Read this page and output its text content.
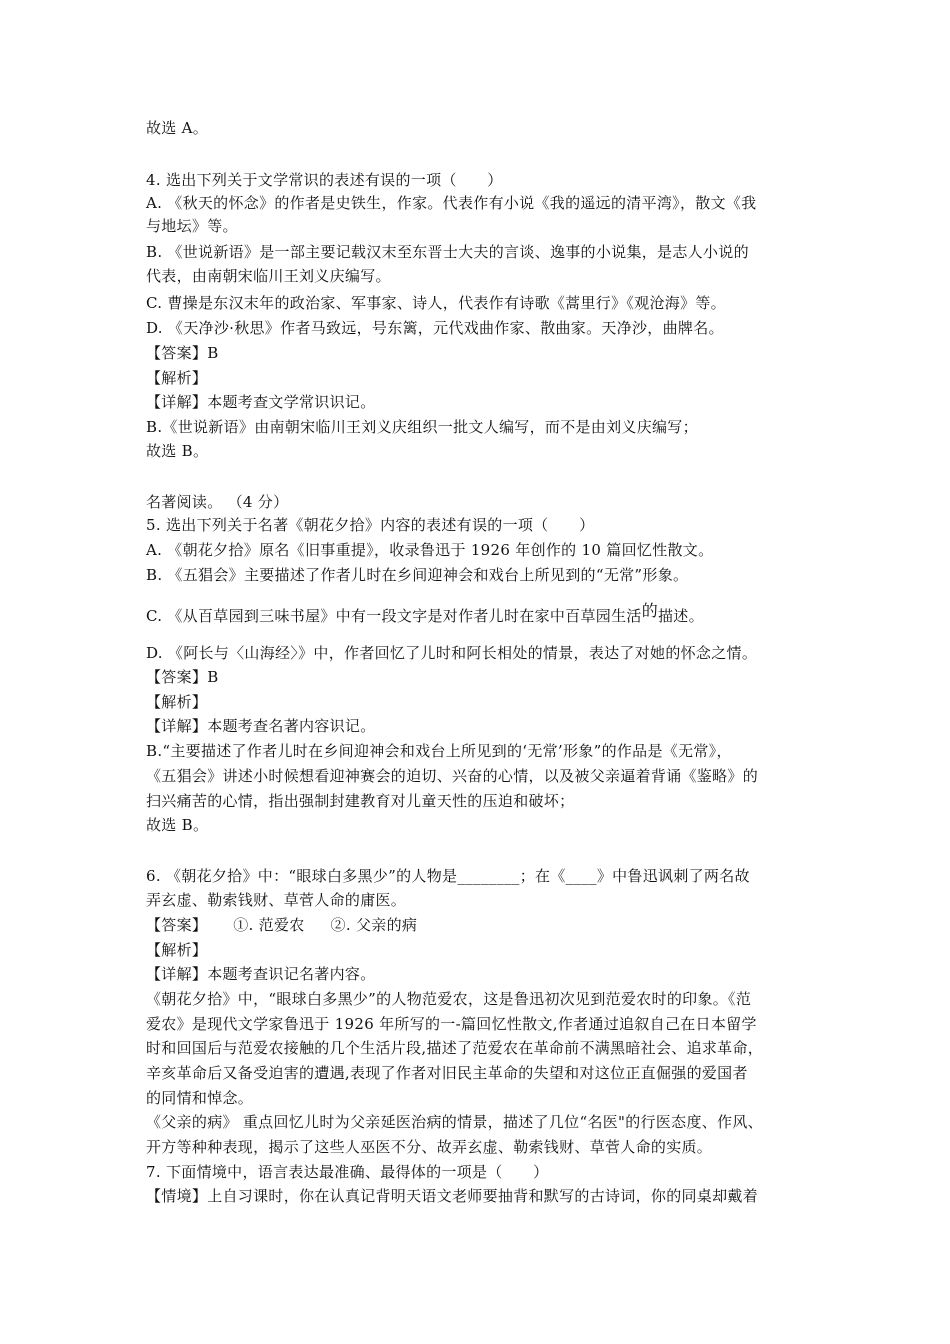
故选 A。
4. 选出下列关于文学常识的表述有误的一项（　　）
A. 《秋天的怀念》的作者是史铁生，作家。代表作有小说《我的遥远的清平湾》，散文《我
与地坛》等。
B. 《世说新语》是一部主要记载汉末至东晋士大夫的言谈、逸事的小说集，是志人小说的
代表，由南朝宋临川王刘义庆编写。
C. 曹操是东汉末年的政治家、军事家、诗人，代表作有诗歌《蒿里行》《观沧海》等。
D. 《天净沙·秋思》作者马致远，号东篱，元代戏曲作家、散曲家。天净沙，曲牌名。
【答案】B
【解析】
【详解】本题考查文学常识识记。
B.《世说新语》由南朝宋临川王刘义庆组织一批文人编写，而不是由刘义庆编写；
故选 B。
名著阅读。 （4 分）
5. 选出下列关于名著《朝花夕拾》内容的表述有误的一项（　　）
A. 《朝花夕拾》原名《旧事重提》，收录鲁迅于 1926 年创作的 10 篇回忆性散文。
B. 《五猖会》主要描述了作者儿时在乡间迎神会和戏台上所见到的“无常”形象。
C. 《从百草园到三味书屋》中有一段文字是对作者儿时在家中百草园生活的描述。
D. 《阿长与〈山海经〉》中，作者回忆了儿时和阿长相处的情景，表达了对她的怀念之情。
【答案】B
【解析】
【详解】本题考查名著内容识记。
B.“主要描述了作者儿时在乡间迎神会和戏台上所见到的‘无常’形象”的作品是《无常》，
《五猖会》讲述小时候想看迎神赛会的迫切、兴奋的心情，以及被父亲逼着背诵《鉴略》的
扫兴痛苦的心情，指出强制封建教育对儿童天性的压迫和破坏；
故选 B。
6. 《朝花夕拾》中：“眼球白多黑少”的人物是________；在《____》中鲁迅讽刺了两名故
弄玄虚、勒索钱财、草菅人命的庸医。
【答案】 ①. 范爱农 ②. 父亲的病
【解析】
【详解】本题考查识记名著内容。
《朝花夕拾》中，“眼球白多黑少”的人物范爱农，这是鲁迅初次见到范爱农时的印象。《范
爱农》是现代文学家鲁迅于 1926 年所写的一-篇回忆性散文,作者通过追叙自己在日本留学
时和回国后与范爱农接触的几个生活片段,描述了范爱农在革命前不满黑暗社会、追求革命，
辛亥革命后又备受迫害的遭遇,表现了作者对旧民主革命的失望和对这位正直倔强的爱国者
的同情和悼念。
《父亲的病》 重点回忆儿时为父亲延医治病的情景，描述了几位“名医"的行医态度、作风、
开方等种种表现，揭示了这些人巫医不分、故弄玄虚、勒索钱财、草菅人命的实质。
7. 下面情境中，语言表达最准确、最得体的一项是（　　）
【情境】上自习课时，你在认真记背明天语文老师要抽背和默写的古诗词，你的同桌却戴着
